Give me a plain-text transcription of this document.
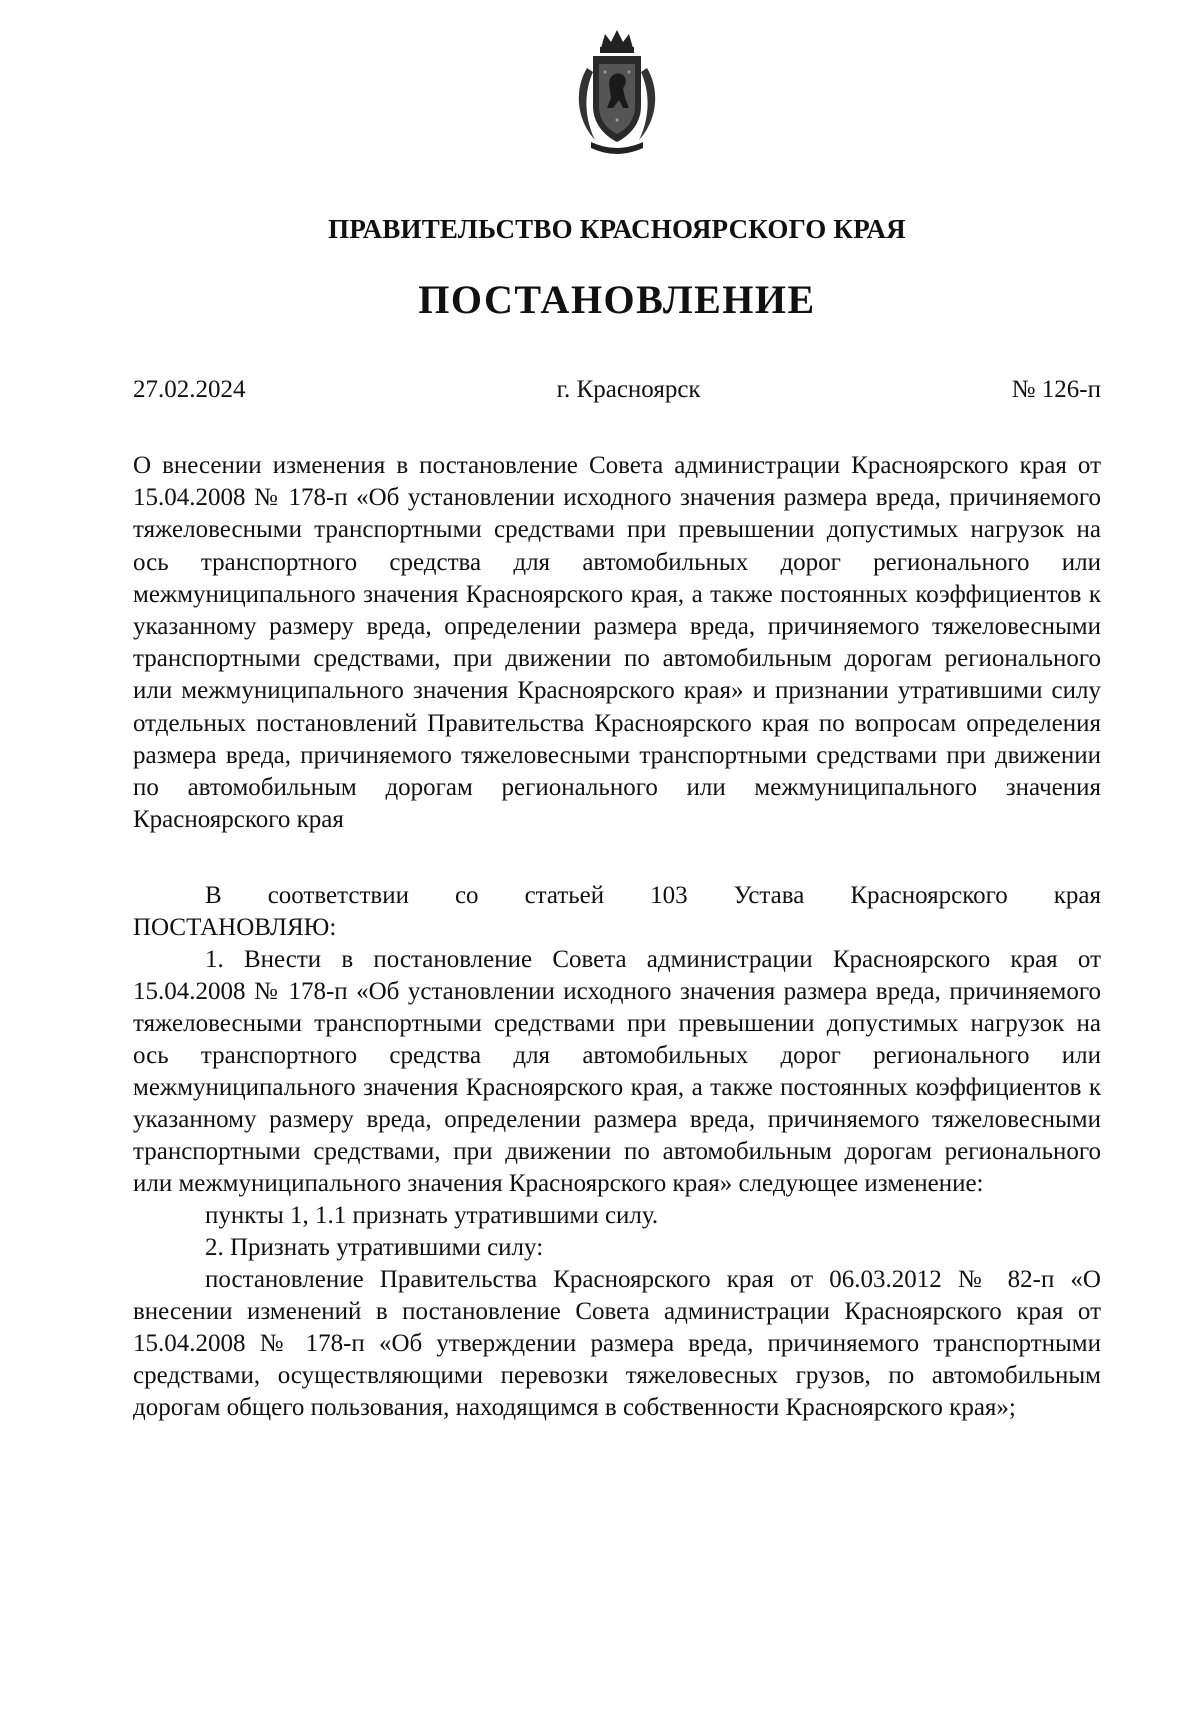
ПРАВИТЕЛЬСТВО КРАСНОЯРСКОГО КРАЯ
ПОСТАНОВЛЕНИЕ
27.02.2024	г. Красноярск	№ 126-п
О внесении изменения в постановление Совета администрации Красноярского края от 15.04.2008 № 178-п «Об установлении исходного значения размера вреда, причиняемого тяжеловесными транспортными средствами при превышении допустимых нагрузок на ось транспортного средства для автомобильных дорог регионального или межмуниципального значения Красноярского края, а также постоянных коэффициентов к указанному размеру вреда, определении размера вреда, причиняемого тяжеловесными транспортными средствами, при движении по автомобильным дорогам регионального или межмуниципального значения Красноярского края» и признании утратившими силу отдельных постановлений Правительства Красноярского края по вопросам определения размера вреда, причиняемого тяжеловесными транспортными средствами при движении по автомобильным дорогам регионального или межмуниципального значения Красноярского края
В соответствии со статьей 103 Устава Красноярского края

ПОСТАНОВЛЯЮ:

1. Внести в постановление Совета администрации Красноярского края от 15.04.2008 № 178-п «Об установлении исходного значения размера вреда, причиняемого тяжеловесными транспортными средствами при превышении допустимых нагрузок на ось транспортного средства для автомобильных дорог регионального или межмуниципального значения Красноярского края, а также постоянных коэффициентов к указанному размеру вреда, определении размера вреда, причиняемого тяжеловесными транспортными средствами, при движении по автомобильным дорогам регионального или межмуниципального значения Красноярского края» следующее изменение:

пункты 1, 1.1 признать утратившими силу.

2. Признать утратившими силу:

постановление Правительства Красноярского края от 06.03.2012 № 82-п «О внесении изменений в постановление Совета администрации Красноярского края от 15.04.2008 № 178-п «Об утверждении размера вреда, причиняемого транспортными средствами, осуществляющими перевозки тяжеловесных грузов, по автомобильным дорогам общего пользования, находящимся в собственности Красноярского края»;
